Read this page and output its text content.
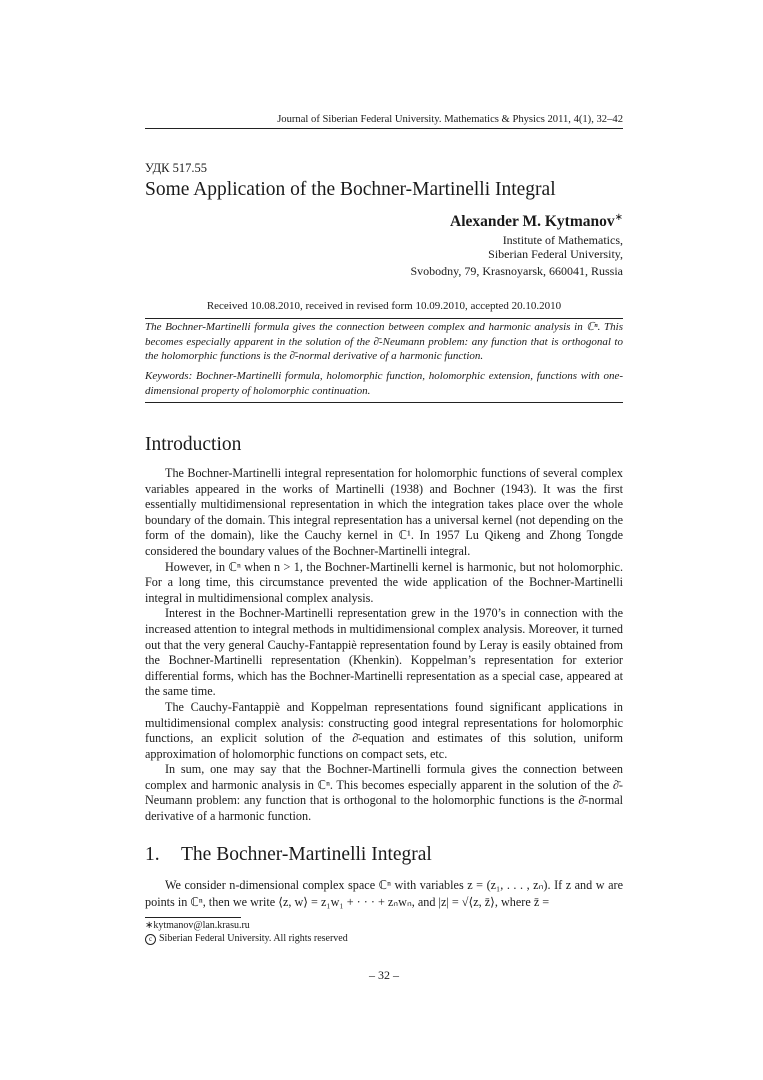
Journal of Siberian Federal University. Mathematics & Physics 2011, 4(1), 32–42
УДК 517.55
Some Application of the Bochner-Martinelli Integral
Alexander M. Kytmanov∗
Institute of Mathematics,
Siberian Federal University,
Svobodny, 79, Krasnoyarsk, 660041, Russia
Received 10.08.2010, received in revised form 10.09.2010, accepted 20.10.2010
The Bochner-Martinelli formula gives the connection between complex and harmonic analysis in ℂⁿ. This becomes especially apparent in the solution of the ∂̄-Neumann problem: any function that is orthogonal to the holomorphic functions is the ∂̄-normal derivative of a harmonic function.
Keywords: Bochner-Martinelli formula, holomorphic function, holomorphic extension, functions with one-dimensional property of holomorphic continuation.
Introduction

The Bochner-Martinelli integral representation for holomorphic functions of several complex variables appeared in the works of Martinelli (1938) and Bochner (1943). It was the first essentially multidimensional representation in which the integration takes place over the whole boundary of the domain. This integral representation has a universal kernel (not depending on the form of the domain), like the Cauchy kernel in ℂ¹. In 1957 Lu Qikeng and Zhong Tongde considered the boundary values of the Bochner-Martinelli integral.

However, in ℂⁿ when n > 1, the Bochner-Martinelli kernel is harmonic, but not holomorphic. For a long time, this circumstance prevented the wide application of the Bochner-Martinelli integral in multidimensional complex analysis.

Interest in the Bochner-Martinelli representation grew in the 1970’s in connection with the increased attention to integral methods in multidimensional complex analysis. Moreover, it turned out that the very general Cauchy-Fantappiè representation found by Leray is easily obtained from the Bochner-Martinelli representation (Khenkin). Koppelman’s representation for exterior differential forms, which has the Bochner-Martinelli representation as a special case, appeared at the same time.

The Cauchy-Fantappiè and Koppelman representations found significant applications in multidimensional complex analysis: constructing good integral representations for holomorphic functions, an explicit solution of the ∂̄-equation and estimates of this solution, uniform approximation of holomorphic functions on compact sets, etc.

In sum, one may say that the Bochner-Martinelli formula gives the connection between complex and harmonic analysis in ℂⁿ. This becomes especially apparent in the solution of the ∂̄-Neumann problem: any function that is orthogonal to the holomorphic functions is the ∂̄-normal derivative of a harmonic function.

1. The Bochner-Martinelli Integral

We consider n-dimensional complex space ℂⁿ with variables z = (z₁, . . . , zₙ). If z and w are points in ℂⁿ, then we write ⟨z, w⟩ = z₁w₁ + · · · + zₙwₙ, and |z| = √⟨z, z̄⟩, where z̄ =

∗kytmanov@lan.krasu.ru
c Siberian Federal University. All rights reserved
– 32 –
